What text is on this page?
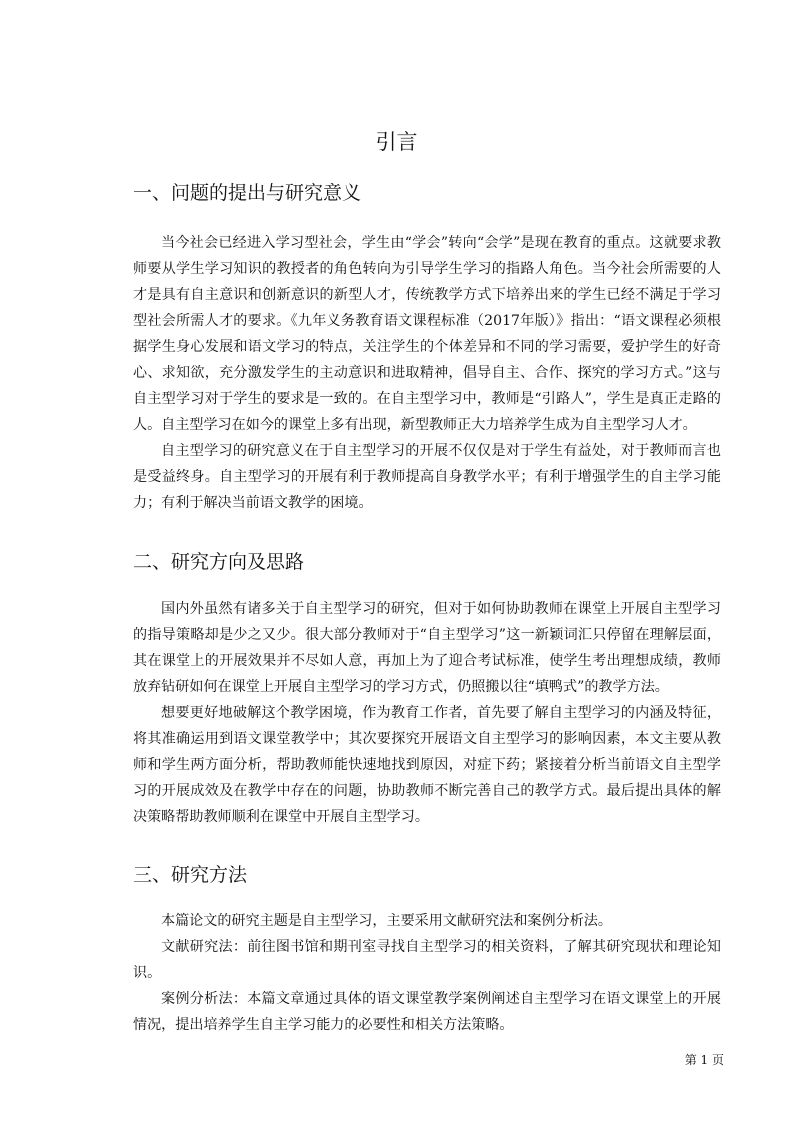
引言
一、问题的提出与研究意义

当今社会已经进入学习型社会，学生由“学会”转向“会学”是现在教育的重点。这就要求教师要从学生学习知识的教授者的角色转向为引导学生学习的指路人角色。当今社会所需要的人才是具有自主意识和创新意识的新型人才，传统教学方式下培养出来的学生已经不满足于学习型社会所需人才的要求。《九年义务教育语文课程标准（2017年版）》指出：“语文课程必须根据学生身心发展和语文学习的特点，关注学生的个体差异和不同的学习需要，爱护学生的好奇心、求知欲，充分激发学生的主动意识和进取精神，倡导自主、合作、探究的学习方式。”这与自主型学习对于学生的要求是一致的。在自主型学习中，教师是“引路人”，学生是真正走路的人。自主型学习在如今的课堂上多有出现，新型教师正大力培养学生成为自主型学习人才。

自主型学习的研究意义在于自主型学习的开展不仅仅是对于学生有益处，对于教师而言也是受益终身。自主型学习的开展有利于教师提高自身教学水平；有利于增强学生的自主学习能力；有利于解决当前语文教学的困境。

二、研究方向及思路

国内外虽然有诸多关于自主型学习的研究，但对于如何协助教师在课堂上开展自主型学习的指导策略却是少之又少。很大部分教师对于“自主型学习”这一新颖词汇只停留在理解层面，其在课堂上的开展效果并不尽如人意，再加上为了迎合考试标准，使学生考出理想成绩，教师放弃钻研如何在课堂上开展自主型学习的学习方式，仍照搬以往“填鸭式”的教学方法。

想要更好地破解这个教学困境，作为教育工作者，首先要了解自主型学习的内涵及特征，将其准确运用到语文课堂教学中；其次要探究开展语文自主型学习的影响因素，本文主要从教师和学生两方面分析，帮助教师能快速地找到原因，对症下药；紧接着分析当前语文自主型学习的开展成效及在教学中存在的问题，协助教师不断完善自己的教学方式。最后提出具体的解决策略帮助教师顺利在课堂中开展自主型学习。

三、研究方法

本篇论文的研究主题是自主型学习，主要采用文献研究法和案例分析法。

文献研究法：前往图书馆和期刊室寻找自主型学习的相关资料，了解其研究现状和理论知识。

案例分析法：本篇文章通过具体的语文课堂教学案例阐述自主型学习在语文课堂上的开展情况，提出培养学生自主学习能力的必要性和相关方法策略。

第 1 页
